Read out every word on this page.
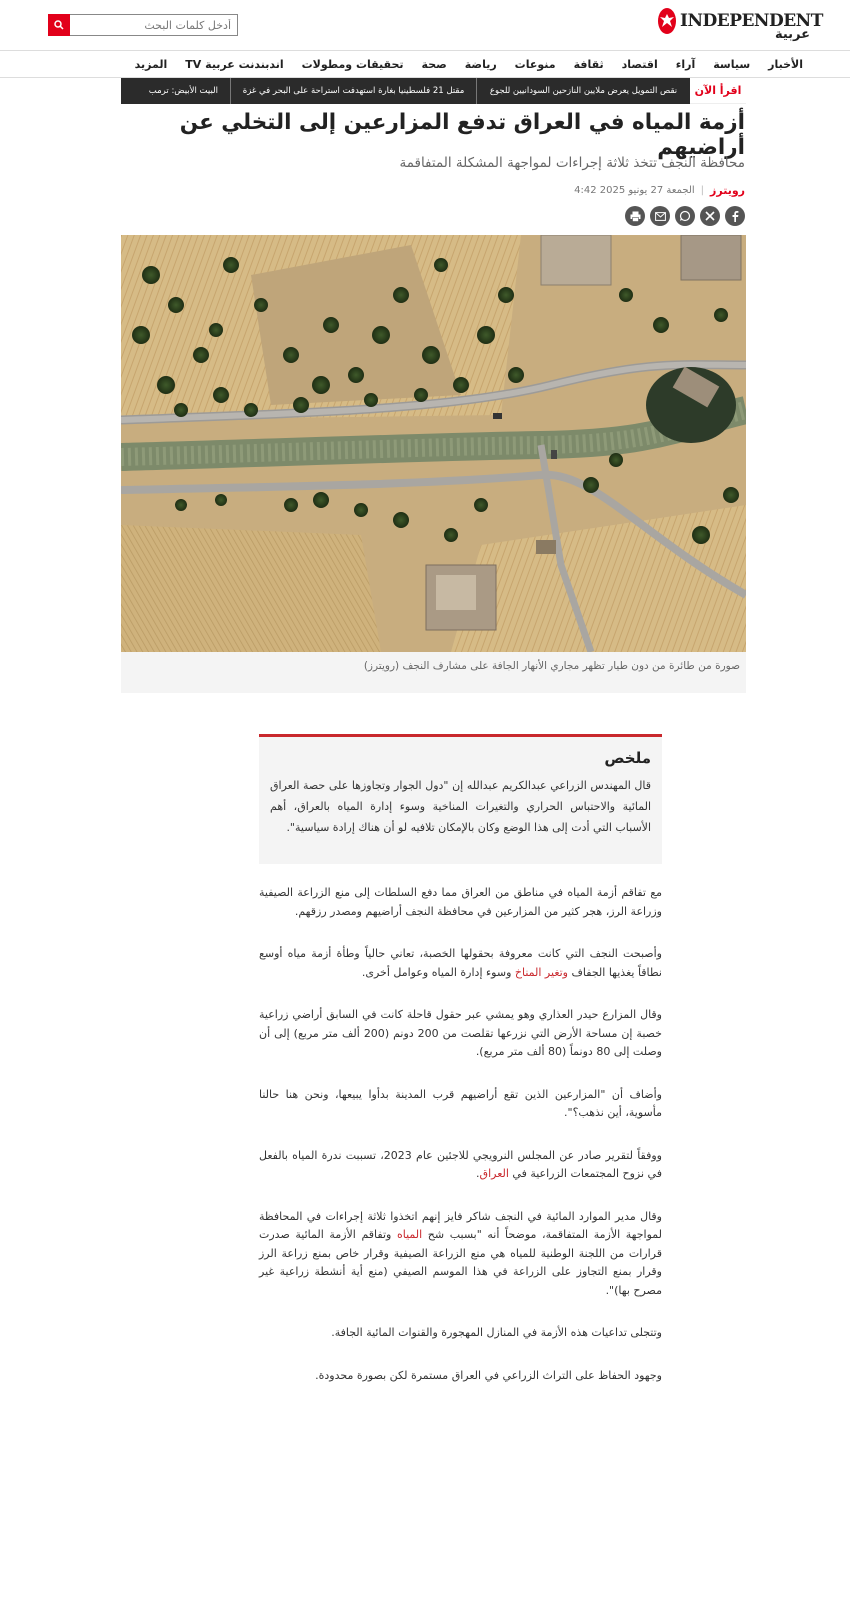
INDEPENDENT
عربية
أدخل كلمات البحث
الأخبار
سياسة
آراء
اقتصاد
ثقافة
منوعات
رياضة
صحة
تحقيقات ومطولات
اندبندنت عربية TV
المزيد
اقرأ الآن
نقص التمويل يعرض ملايين النازحين السودانيين للجوع
مقتل 21 فلسطينيا بغارة استهدفت استراحة على البحر في غزة
البيت الأبيض: ترمب
أزمة المياه في العراق تدفع المزارعين إلى التخلي عن أراضيهم
محافظة النجف تتخذ ثلاثة إجراءات لمواجهة المشكلة المتفاقمة
رويترز
|
الجمعة 27 يونيو 2025 4:42
صورة من طائرة من دون طيار تظهر مجاري الأنهار الجافة على مشارف النجف (رويترز)
ملخص

قال المهندس الزراعي عبدالكريم عبدالله إن "دول الجوار وتجاوزها على حصة العراق المائية والاحتباس الحراري والتغيرات المناخية وسوء إدارة المياه بالعراق، أهم الأسباب التي أدت إلى هذا الوضع وكان بالإمكان تلافيه لو أن هناك إرادة سياسية".

مع تفاقم أزمة المياه في مناطق من العراق مما دفع السلطات إلى منع الزراعة الصيفية وزراعة الرز، هجر كثير من المزارعين في محافظة النجف أراضيهم ومصدر رزقهم.

وأصبحت النجف التي كانت معروفة بحقولها الخصبة، تعاني حالياً وطأة أزمة مياه أوسع نطاقاً يغذيها الجفاف وتغير المناخ وسوء إدارة المياه وعوامل أخرى.

وقال المزارع حيدر العذاري وهو يمشي عبر حقول قاحلة كانت في السابق أراضي زراعية خصبة إن مساحة الأرض التي نزرعها تقلصت من 200 دونم (200 ألف متر مربع) إلى أن وصلت إلى 80 دونماً (80 ألف متر مربع).

وأضاف أن "المزارعين الذين تقع أراضيهم قرب المدينة بدأوا يبيعها، ونحن هنا حالنا مأسوية، أين نذهب؟".

ووفقاً لتقرير صادر عن المجلس النرويجي للاجئين عام 2023، تسببت ندرة المياه بالفعل في نزوح المجتمعات الزراعية في العراق.

وقال مدير الموارد المائية في النجف شاكر فايز إنهم اتخذوا ثلاثة إجراءات في المحافظة لمواجهة الأزمة المتفاقمة، موضحاً أنه "بسبب شح المياه وتفاقم الأزمة المائية صدرت قرارات من اللجنة الوطنية للمياه هي منع الزراعة الصيفية وقرار خاص بمنع زراعة الرز وقرار بمنع التجاوز على الزراعة في هذا الموسم الصيفي (منع أية أنشطة زراعية غير مصرح بها)".

وتتجلى تداعيات هذه الأزمة في المنازل المهجورة والقنوات المائية الجافة.

وجهود الحفاظ على التراث الزراعي في العراق مستمرة لكن بصورة محدودة.
